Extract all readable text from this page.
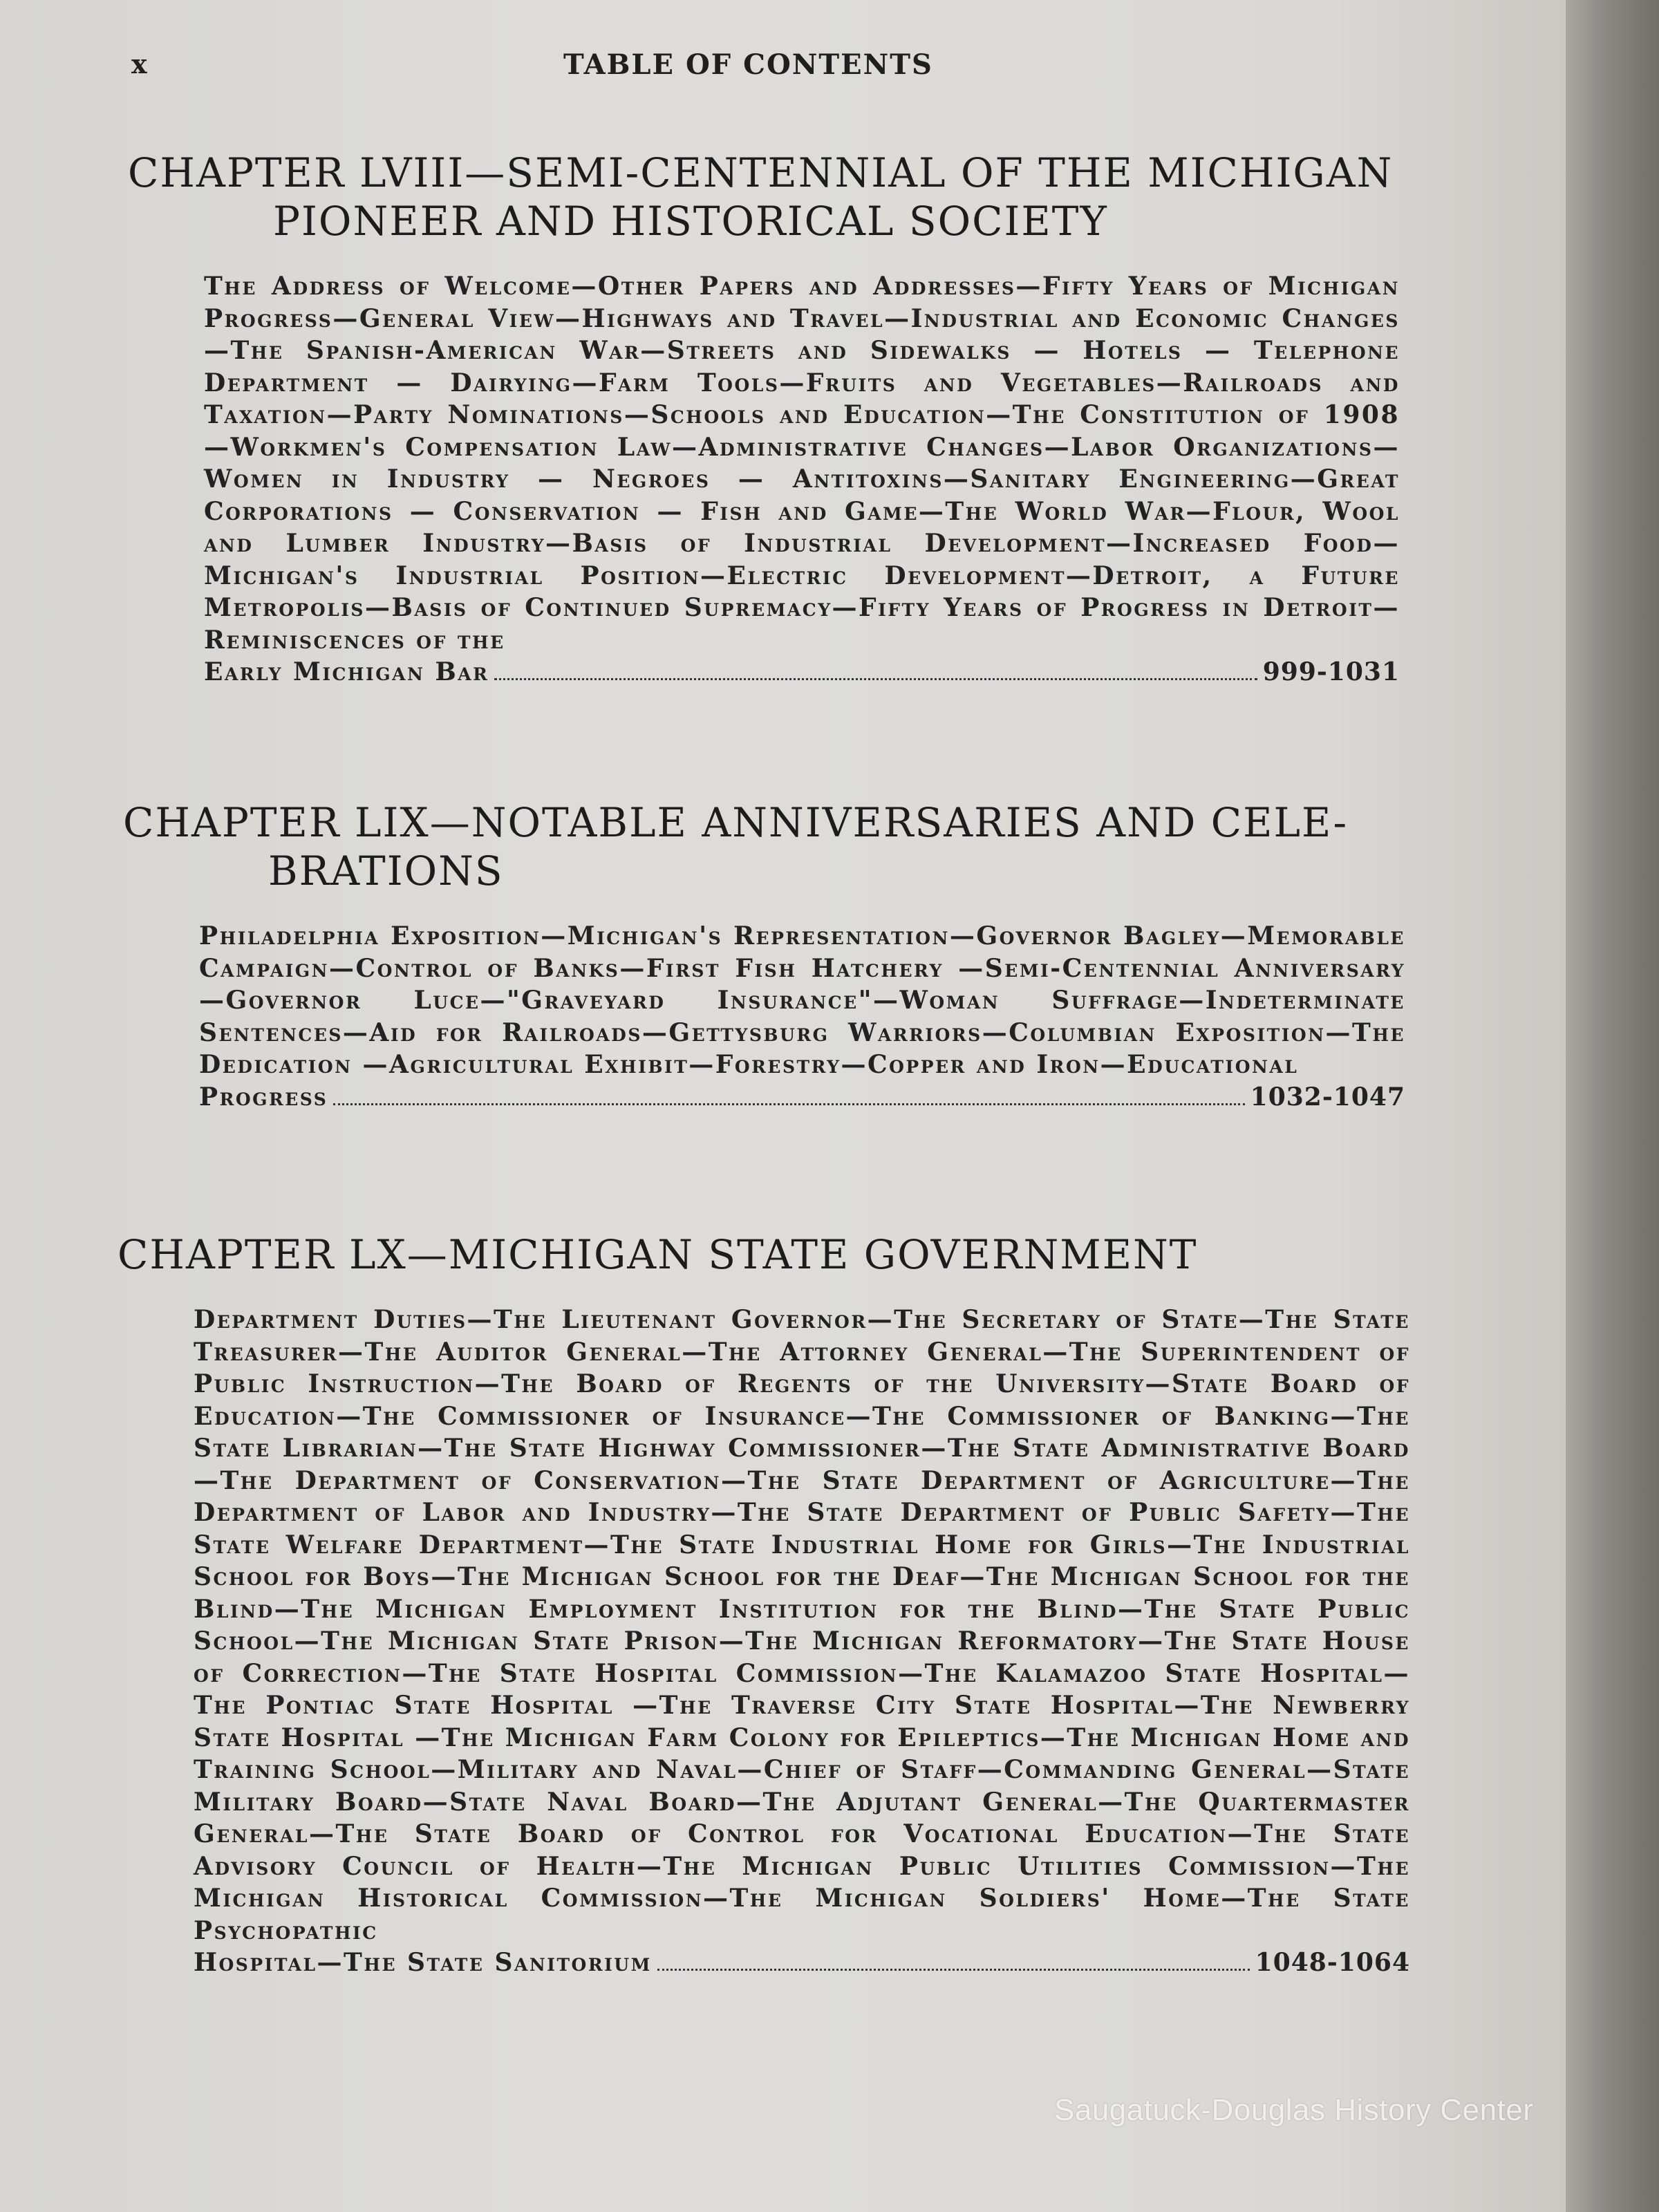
x	TABLE OF CONTENTS
CHAPTER LVIII—SEMI-CENTENNIAL OF THE MICHIGAN
PIONEER AND HISTORICAL SOCIETY
The Address of Welcome—Other Papers and Addresses—Fifty Years of Michigan Progress—General View—Highways and Travel—Industrial and Economic Changes—The Spanish-American War—Streets and Sidewalks — Hotels — Telephone Department — Dairying—Farm Tools—Fruits and Vegetables—Railroads and Taxation—Party Nominations—Schools and Education—The Constitution of 1908—Workmen's Compensation Law—Administrative Changes—Labor Organizations—Women in Industry — Negroes — Antitoxins—Sanitary Engineering—Great Corporations — Conservation — Fish and Game—The World War—Flour, Wool and Lumber Industry—Basis of Industrial Development—Increased Food—Michigan's Industrial Position—Electric Development—Detroit, a Future Metropolis—Basis of Continued Supremacy—Fifty Years of Progress in Detroit—Reminiscences of the
Early Michigan Bar	999-1031
CHAPTER LIX—NOTABLE ANNIVERSARIES AND CELE-
BRATIONS
Philadelphia Exposition—Michigan's Representation—Governor Bagley—Memorable Campaign—Control of Banks—First Fish Hatchery —Semi-Centennial Anniversary—Governor Luce—"Graveyard Insurance"—Woman Suffrage—Indeterminate Sentences—Aid for Railroads—Gettysburg Warriors—Columbian Exposition—The Dedication —Agricultural Exhibit—Forestry—Copper and Iron—Educational
Progress	1032-1047
CHAPTER LX—MICHIGAN STATE GOVERNMENT
Department Duties—The Lieutenant Governor—The Secretary of State—The State Treasurer—The Auditor General—The Attorney General—The Superintendent of Public Instruction—The Board of Regents of the University—State Board of Education—The Commissioner of Insurance—The Commissioner of Banking—The State Librarian—The State Highway Commissioner—The State Administrative Board—The Department of Conservation—The State Department of Agriculture—The Department of Labor and Industry—The State Department of Public Safety—The State Welfare Department—The State Industrial Home for Girls—The Industrial School for Boys—The Michigan School for the Deaf—The Michigan School for the Blind—The Michigan Employment Institution for the Blind—The State Public School—The Michigan State Prison—The Michigan Reformatory—The State House of Correction—The State Hospital Commission—The Kalamazoo State Hospital—The Pontiac State Hospital —The Traverse City State Hospital—The Newberry State Hospital —The Michigan Farm Colony for Epileptics—The Michigan Home and Training School—Military and Naval—Chief of Staff—Commanding General—State Military Board—State Naval Board—The Adjutant General—The Quartermaster General—The State Board of Control for Vocational Education—The State Advisory Council of Health—The Michigan Public Utilities Commission—The Michigan Historical Commission—The Michigan Soldiers' Home—The State Psychopathic
Hospital—The State Sanitorium	1048-1064
Saugatuck-Douglas History Center
